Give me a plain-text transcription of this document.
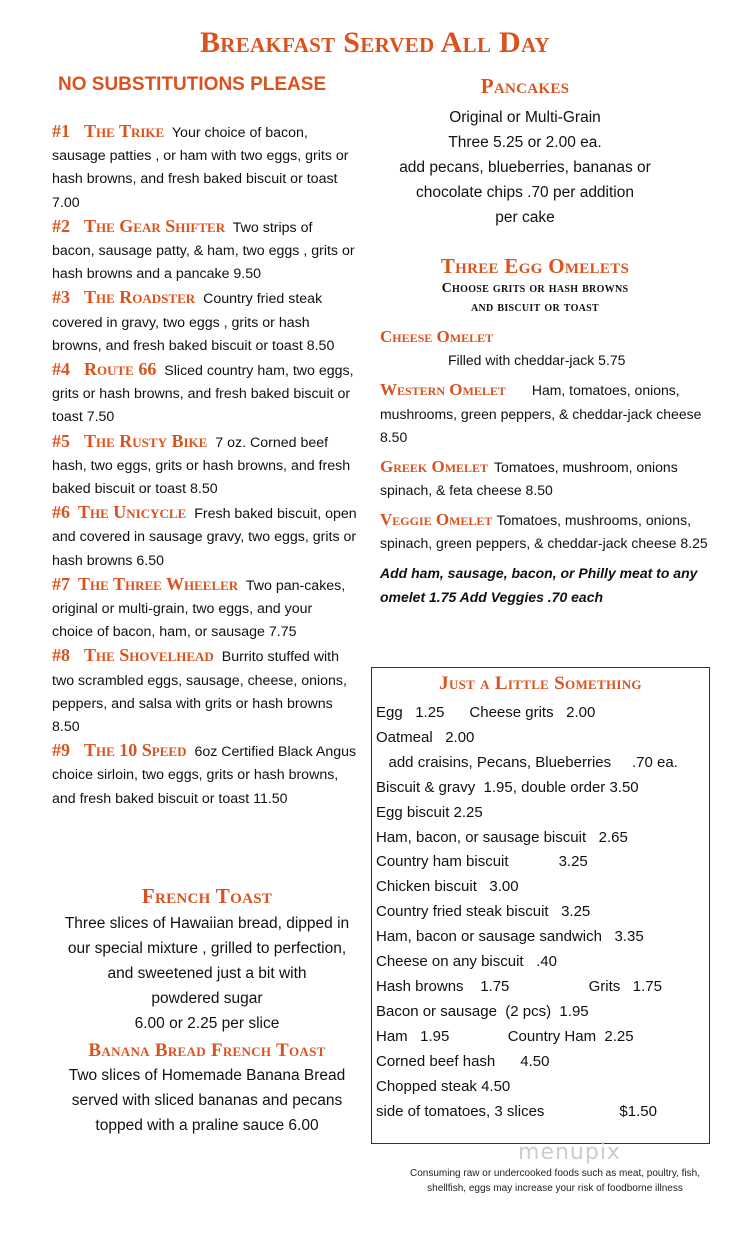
Breakfast Served All Day
NO SUBSTITUTIONS PLEASE

#1 The Trike Your choice of bacon, sausage patties , or ham with two eggs, grits or hash browns, and fresh baked biscuit or toast 7.00

#2 The Gear Shifter Two strips of bacon, sausage patty, & ham, two eggs , grits or hash browns and a pancake 9.50

#3 The Roadster Country fried steak covered in gravy, two eggs , grits or hash browns, and fresh baked biscuit or toast 8.50

#4 Route 66 Sliced country ham, two eggs, grits or hash browns, and fresh baked biscuit or toast 7.50

#5 The Rusty Bike 7 oz. Corned beef hash, two eggs, grits or hash browns, and fresh baked biscuit or toast 8.50

#6 The Unicycle Fresh baked biscuit, open and covered in sausage gravy, two eggs, grits or hash browns 6.50

#7 The Three Wheeler Two pan-cakes, original or multi-grain, two eggs, and your choice of bacon, ham, or sausage 7.75

#8 The Shovelhead Burrito stuffed with two scrambled eggs, sausage, cheese, onions, peppers, and salsa with grits or hash browns 8.50

#9 The 10 Speed 6oz Certified Black Angus choice sirloin, two eggs, grits or hash browns, and fresh baked biscuit or toast 11.50

Pancakes
Original or Multi-Grain
Three 5.25 or 2.00 ea.
add pecans, blueberries, bananas or
chocolate chips .70 per addition
per cake
Three Egg Omelets
Choose grits or hash browns
and biscuit or toast
Cheese Omelet
Filled with cheddar-jack 5.75
Western Omelet Ham, tomatoes, onions, mushrooms, green peppers, & cheddar-jack cheese 8.50
Greek Omelet Tomatoes, mushroom, onions spinach, & feta cheese 8.50
Veggie Omelet Tomatoes, mushrooms, onions, spinach, green peppers, & cheddar-jack cheese 8.25
Add ham, sausage, bacon, or Philly meat to any omelet 1.75 Add Veggies .70 each
French Toast
Three slices of Hawaiian bread, dipped in
our special mixture , grilled to perfection,
and sweetened just a bit with
powdered sugar
6.00 or 2.25 per slice
Banana Bread French Toast
Two slices of Homemade Banana Bread
served with sliced bananas and pecans
topped with a praline sauce 6.00
Just a Little Something
Egg   1.25      Cheese grits   2.00
Oatmeal   2.00
add craisins, Pecans, Blueberries     .70 ea.
Biscuit & gravy  1.95, double order 3.50
Egg biscuit 2.25
Ham, bacon, or sausage biscuit   2.65
Country ham biscuit            3.25
Chicken biscuit   3.00
Country fried steak biscuit   3.25
Ham, bacon or sausage sandwich   3.35
Cheese on any biscuit   .40
Hash browns    1.75                   Grits   1.75
Bacon or sausage  (2 pcs)  1.95
Ham   1.95              Country Ham  2.25
Corned beef hash      4.50
Chopped steak 4.50
side of tomatoes, 3 slices                  $1.50
menupix
Consuming raw or undercooked foods such as meat, poultry, fish,
shellfish, eggs may increase your risk of foodborne illness
